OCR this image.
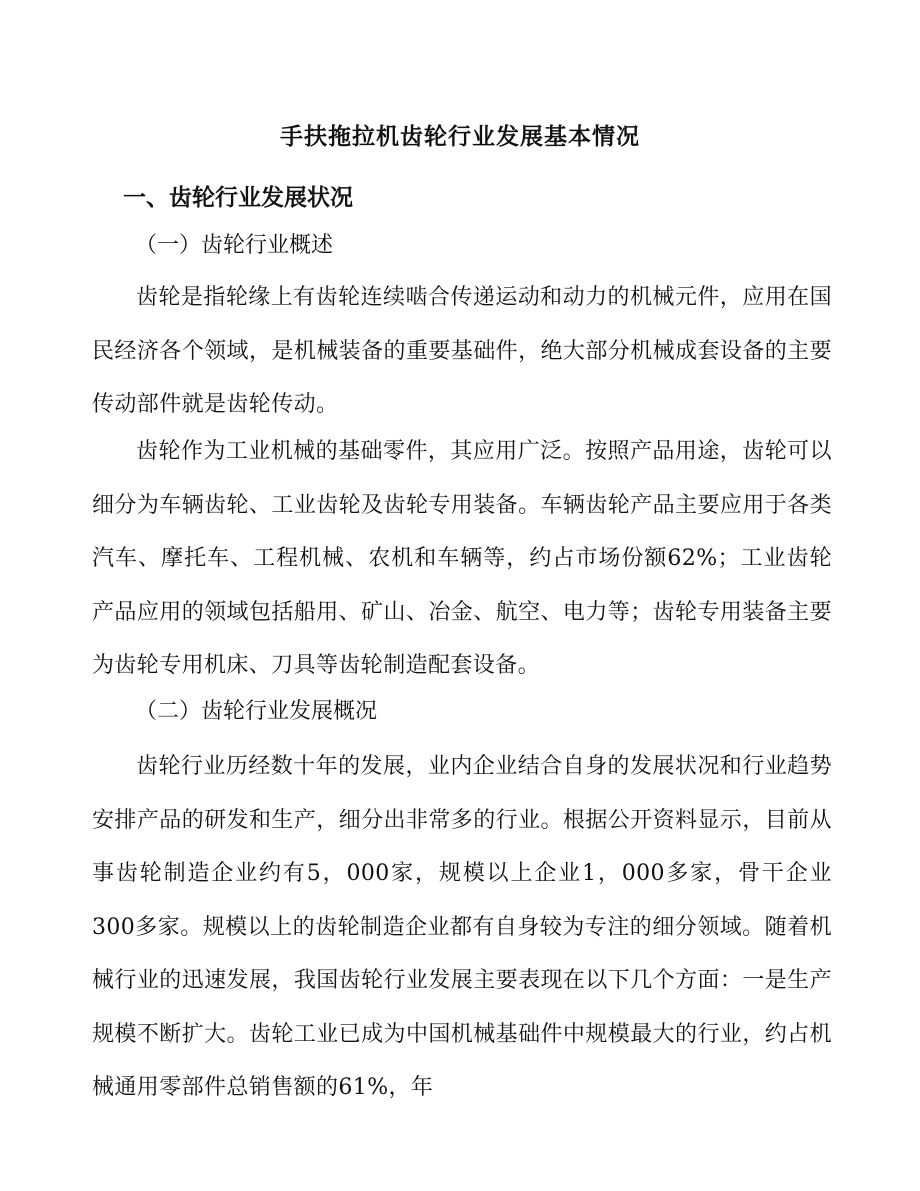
手扶拖拉机齿轮行业发展基本情况
一、齿轮行业发展状况
（一）齿轮行业概述

齿轮是指轮缘上有齿轮连续啮合传递运动和动力的机械元件，应用在国民经济各个领域，是机械装备的重要基础件，绝大部分机械成套设备的主要传动部件就是齿轮传动。

齿轮作为工业机械的基础零件，其应用广泛。按照产品用途，齿轮可以细分为车辆齿轮、工业齿轮及齿轮专用装备。车辆齿轮产品主要应用于各类汽车、摩托车、工程机械、农机和车辆等，约占市场份额62%；工业齿轮产品应用的领域包括船用、矿山、冶金、航空、电力等；齿轮专用装备主要为齿轮专用机床、刀具等齿轮制造配套设备。

（二）齿轮行业发展概况

齿轮行业历经数十年的发展，业内企业结合自身的发展状况和行业趋势安排产品的研发和生产，细分出非常多的行业。根据公开资料显示，目前从事齿轮制造企业约有5，000家，规模以上企业1，000多家，骨干企业300多家。规模以上的齿轮制造企业都有自身较为专注的细分领域。随着机械行业的迅速发展，我国齿轮行业发展主要表现在以下几个方面：一是生产规模不断扩大。齿轮工业已成为中国机械基础件中规模最大的行业，约占机械通用零部件总销售额的61%，年
